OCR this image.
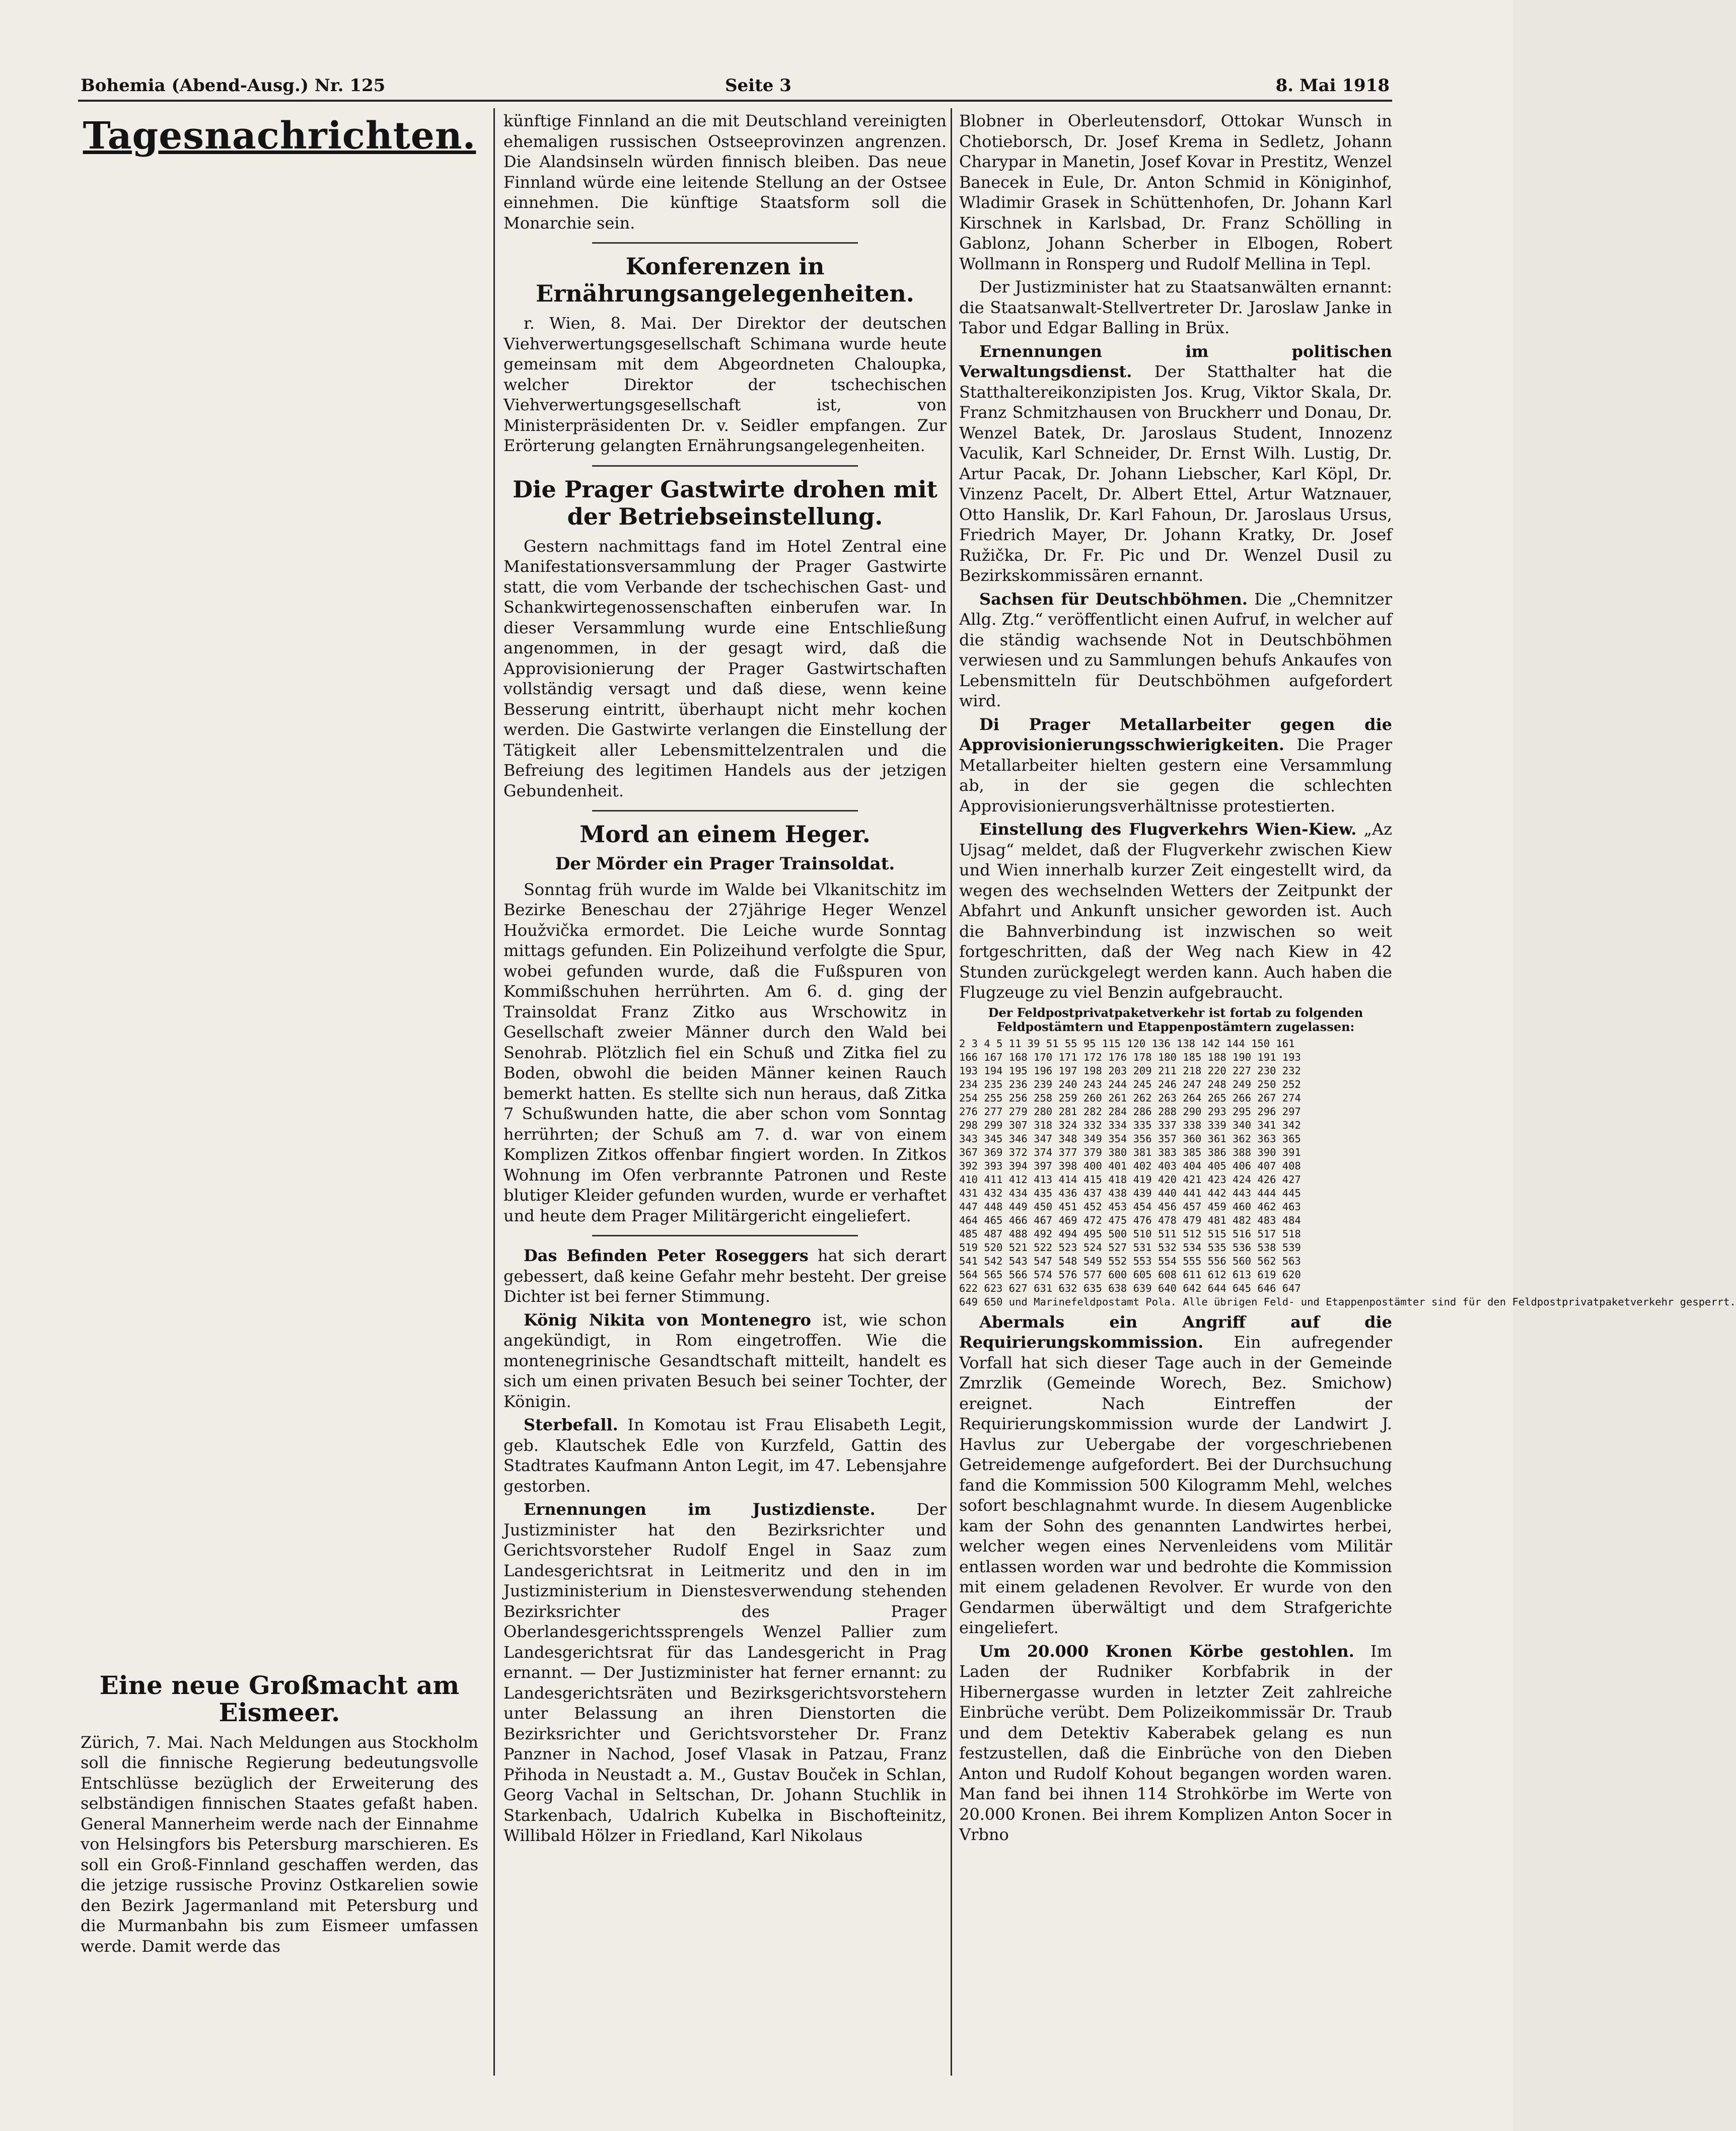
Bohemia (Abend-Ausg.) Nr. 125	Seite 3	8. Mai 1918
Tagesnachrichten.
Eine neue Großmacht am Eismeer.

Zürich, 7. Mai. Nach Meldungen aus Stockholm soll die finnische Regierung bedeutungsvolle Entschlüsse bezüglich der Erweiterung des selbständigen finnischen Staates gefaßt haben. General Mannerheim werde nach der Einnahme von Helsingfors bis Petersburg marschieren. Es soll ein Groß-Finnland geschaffen werden, das die jetzige russische Provinz Ostkarelien sowie den Bezirk Jagermanland mit Petersburg und die Murmanbahn bis zum Eismeer umfassen werde. Damit werde das

künftige Finnland an die mit Deutschland vereinigten ehemaligen russischen Ostseeprovinzen angrenzen. Die Alandsinseln würden finnisch bleiben. Das neue Finnland würde eine leitende Stellung an der Ostsee einnehmen. Die künftige Staatsform soll die Monarchie sein.

Konferenzen in Ernährungsangelegenheiten.

r. Wien, 8. Mai. Der Direktor der deutschen Viehverwertungsgesellschaft Schimana wurde heute gemeinsam mit dem Abgeordneten Chaloupka, welcher Direktor der tschechischen Viehverwertungsgesellschaft ist, von Ministerpräsidenten Dr. v. Seidler empfangen. Zur Erörterung gelangten Ernährungsangelegenheiten.

Die Prager Gastwirte drohen mit der Betriebseinstellung.

Gestern nachmittags fand im Hotel Zentral eine Manifestationsversammlung der Prager Gastwirte statt, die vom Verbande der tschechischen Gast- und Schankwirtegenossenschaften einberufen war. In dieser Versammlung wurde eine Entschließung angenommen, in der gesagt wird, daß die Approvisionierung der Prager Gastwirtschaften vollständig versagt und daß diese, wenn keine Besserung eintritt, überhaupt nicht mehr kochen werden. Die Gastwirte verlangen die Einstellung der Tätigkeit aller Lebensmittelzentralen und die Befreiung des legitimen Handels aus der jetzigen Gebundenheit.

Mord an einem Heger.
Der Mörder ein Prager Trainsoldat.

Sonntag früh wurde im Walde bei Vlkanitschitz im Bezirke Beneschau der 27jährige Heger Wenzel Houžvička ermordet. Die Leiche wurde Sonntag mittags gefunden. Ein Polizeihund verfolgte die Spur, wobei gefunden wurde, daß die Fußspuren von Kommißschuhen herrührten. Am 6. d. ging der Trainsoldat Franz Zitko aus Wrschowitz in Gesellschaft zweier Männer durch den Wald bei Senohrab. Plötzlich fiel ein Schuß und Zitka fiel zu Boden, obwohl die beiden Männer keinen Rauch bemerkt hatten. Es stellte sich nun heraus, daß Zitka 7 Schußwunden hatte, die aber schon vom Sonntag herrührten; der Schuß am 7. d. war von einem Komplizen Zitkos offenbar fingiert worden. In Zitkos Wohnung im Ofen verbrannte Patronen und Reste blutiger Kleider gefunden wurden, wurde er verhaftet und heute dem Prager Militärgericht eingeliefert.

Das Befinden Peter Roseggers hat sich derart gebessert, daß keine Gefahr mehr besteht. Der greise Dichter ist bei ferner Stimmung.

König Nikita von Montenegro ist, wie schon angekündigt, in Rom eingetroffen. Wie die montenegrinische Gesandtschaft mitteilt, handelt es sich um einen privaten Besuch bei seiner Tochter, der Königin.

Sterbefall. In Komotau ist Frau Elisabeth Legit, geb. Klautschek Edle von Kurzfeld, Gattin des Stadtrates Kaufmann Anton Legit, im 47. Lebensjahre gestorben.

Ernennungen im Justizdienste.	Der Justizminister hat den Bezirksrichter und Gerichtsvorsteher Rudolf Engel in Saaz zum Landesgerichtsrat in Leitmeritz und den in im Justizministerium in Dienstesverwendung stehenden Bezirksrichter des Prager Oberlandesgerichtssprengels Wenzel Pallier zum Landesgerichtsrat für das Landesgericht in Prag ernannt. — Der Justizminister hat ferner ernannt: zu Landesgerichtsräten und Bezirksgerichtsvorstehern unter Belassung an ihren Dienstorten die Bezirksrichter und Gerichtsvorsteher Dr. Franz Panzner in Nachod, Josef Vlasak in Patzau, Franz Přihoda in Neustadt a. M., Gustav Bouček in Schlan, Georg Vachal in Seltschan, Dr. Johann Stuchlik in Starkenbach, Udalrich Kubelka in Bischofteinitz, Willibald Hölzer in Friedland, Karl Nikolaus

Blobner in Oberleutensdorf, Ottokar Wunsch in Chotieborsch, Dr. Josef Krema in Sedletz, Johann Charypar in Manetin, Josef Kovar in Prestitz, Wenzel Banecek in Eule, Dr. Anton Schmid in Königinhof, Wladimir Grasek in Schüttenhofen, Dr. Johann Karl Kirschnek in Karlsbad, Dr. Franz Schölling in Gablonz, Johann Scherber in Elbogen, Robert Wollmann in Ronsperg und Rudolf Mellina in Tepl.

Der Justizminister hat zu Staatsanwälten ernannt: die Staatsanwalt-Stellvertreter Dr. Jaroslaw Janke in Tabor und Edgar Balling in Brüx.

Ernennungen im politischen Verwaltungsdienst. Der Statthalter hat die Statthaltereikonzipisten Jos. Krug, Viktor Skala, Dr. Franz Schmitzhausen von Bruckherr und Donau, Dr. Wenzel Batek, Dr. Jaroslaus Student, Innozenz Vaculik, Karl Schneider, Dr. Ernst Wilh. Lustig, Dr. Artur Pacak, Dr. Johann Liebscher, Karl Köpl, Dr. Vinzenz Pacelt, Dr. Albert Ettel, Artur Watznauer, Otto Hanslik, Dr. Karl Fahoun, Dr. Jaroslaus Ursus, Friedrich Mayer, Dr. Johann Kratky, Dr. Josef Ružička, Dr. Fr. Pic und Dr. Wenzel Dusil zu Bezirkskommissären ernannt.

Sachsen für Deutschböhmen. Die „Chemnitzer Allg. Ztg.“ veröffentlicht einen Aufruf, in welcher auf die ständig wachsende Not in Deutschböhmen verwiesen und zu Sammlungen behufs Ankaufes von Lebensmitteln für Deutschböhmen aufgefordert wird.

Di Prager Metallarbeiter gegen die Approvisionierungsschwierigkeiten. Die Prager Metallarbeiter hielten gestern eine Versammlung ab, in der sie gegen die schlechten Approvisionierungsverhältnisse protestierten.

Einstellung des Flugverkehrs Wien-Kiew. „Az Ujsag“ meldet, daß der Flugverkehr zwischen Kiew und Wien innerhalb kurzer Zeit eingestellt wird, da wegen des wechselnden Wetters der Zeitpunkt der Abfahrt und Ankunft unsicher geworden ist. Auch die Bahnverbindung ist inzwischen so weit fortgeschritten, daß der Weg nach Kiew in 42 Stunden zurückgelegt werden kann. Auch haben die Flugzeuge zu viel Benzin aufgebraucht.

Der Feldpostprivatpaketverkehr ist fortab zu folgenden Feldpostämtern und Etappenpostämtern zugelassen:
2 3 4 5 11 39 51 55 95 115 120 136 138 142 144 150 161
166 167 168 170 171 172 176 178 180 185 188 190 191 193
193 194 195 196 197 198 203 209 211 218 220 227 230 232
234 235 236 239 240 243 244 245 246 247 248 249 250 252
254 255 256 258 259 260 261 262 263 264 265 266 267 274
276 277 279 280 281 282 284 286 288 290 293 295 296 297
298 299 307 318 324 332 334 335 337 338 339 340 341 342
343 345 346 347 348 349 354 356 357 360 361 362 363 365
367 369 372 374 377 379 380 381 383 385 386 388 390 391
392 393 394 397 398 400 401 402 403 404 405 406 407 408
410 411 412 413 414 415 418 419 420 421 423 424 426 427
431 432 434 435 436 437 438 439 440 441 442 443 444 445
447 448 449 450 451 452 453 454 456 457 459 460 462 463
464 465 466 467 469 472 475 476 478 479 481 482 483 484
485 487 488 492 494 495 500 510 511 512 515 516 517 518
519 520 521 522 523 524 527 531 532 534 535 536 538 539
541 542 543 547 548 549 552 553 554 555 556 560 562 563
564 565 566 574 576 577 600 605 608 611 612 613 619 620
622 623 627 631 632 635 638 639 640 642 644 645 646 647
649 650 und Marinefeldpostamt Pola. Alle übrigen Feld- und Etappenpostämter sind für den Feldpostprivatpaketverkehr gesperrt.

Abermals ein Angriff auf die Requirierungskommission. Ein aufregender Vorfall hat sich dieser Tage auch in der Gemeinde Zmrzlik (Gemeinde Worech, Bez. Smichow) ereignet. Nach Eintreffen der Requirierungskommission wurde der Landwirt J. Havlus zur Uebergabe der vorgeschriebenen Getreidemenge aufgefordert. Bei der Durchsuchung fand die Kommission 500 Kilogramm Mehl, welches sofort beschlagnahmt wurde. In diesem Augenblicke kam der Sohn des genannten Landwirtes herbei, welcher wegen eines Nervenleidens vom Militär entlassen worden war und bedrohte die Kommission mit einem geladenen Revolver. Er wurde von den Gendarmen überwältigt und dem Strafgerichte eingeliefert.

Um 20.000 Kronen Körbe gestohlen. Im Laden der Rudniker Korbfabrik in der Hibernergasse wurden in letzter Zeit zahlreiche Einbrüche verübt. Dem Polizeikommissär Dr. Traub und dem Detektiv Kaberabek gelang es nun festzustellen, daß die Einbrüche von den Dieben Anton und Rudolf Kohout begangen worden waren. Man fand bei ihnen 114 Strohkörbe im Werte von 20.000 Kronen. Bei ihrem Komplizen Anton Socer in Vrbno
